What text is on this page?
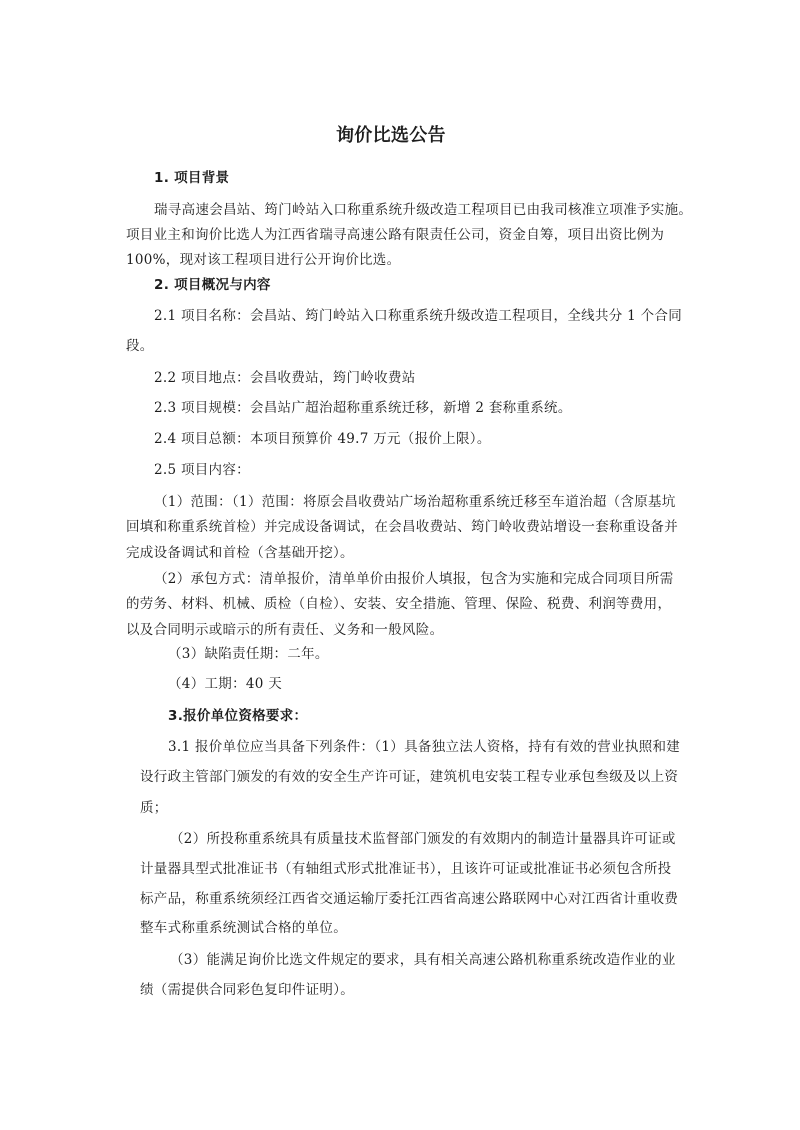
询价比选公告
1. 项目背景
瑞寻高速会昌站、筠门岭站入口称重系统升级改造工程项目已由我司核准立项准予实施。
项目业主和询价比选人为江西省瑞寻高速公路有限责任公司，资金自筹，项目出资比例为
100%，现对该工程项目进行公开询价比选。
2. 项目概况与内容
2.1 项目名称：会昌站、筠门岭站入口称重系统升级改造工程项目，全线共分 1 个合同
段。
2.2 项目地点：会昌收费站，筠门岭收费站
2.3 项目规模：会昌站广超治超称重系统迁移，新增 2 套称重系统。
2.4 项目总额：本项目预算价 49.7 万元（报价上限）。
2.5 项目内容：
（1）范围：（1）范围：将原会昌收费站广场治超称重系统迁移至车道治超（含原基坑
回填和称重系统首检）并完成设备调试，在会昌收费站、筠门岭收费站增设一套称重设备并
完成设备调试和首检（含基础开挖）。
（2）承包方式：清单报价，清单单价由报价人填报，包含为实施和完成合同项目所需
的劳务、材料、机械、质检（自检）、安装、安全措施、管理、保险、税费、利润等费用，
以及合同明示或暗示的所有责任、义务和一般风险。
（3）缺陷责任期：二年。
（4）工期：40 天
3.报价单位资格要求：
3.1 报价单位应当具备下列条件：（1）具备独立法人资格，持有有效的营业执照和建
设行政主管部门颁发的有效的安全生产许可证，建筑机电安装工程专业承包叁级及以上资
质；
（2）所投称重系统具有质量技术监督部门颁发的有效期内的制造计量器具许可证或
计量器具型式批准证书（有轴组式形式批准证书），且该许可证或批准证书必须包含所投
标产品，称重系统须经江西省交通运输厅委托江西省高速公路联网中心对江西省计重收费
整车式称重系统测试合格的单位。
（3）能满足询价比选文件规定的要求，具有相关高速公路机称重系统改造作业的业
绩（需提供合同彩色复印件证明）。
